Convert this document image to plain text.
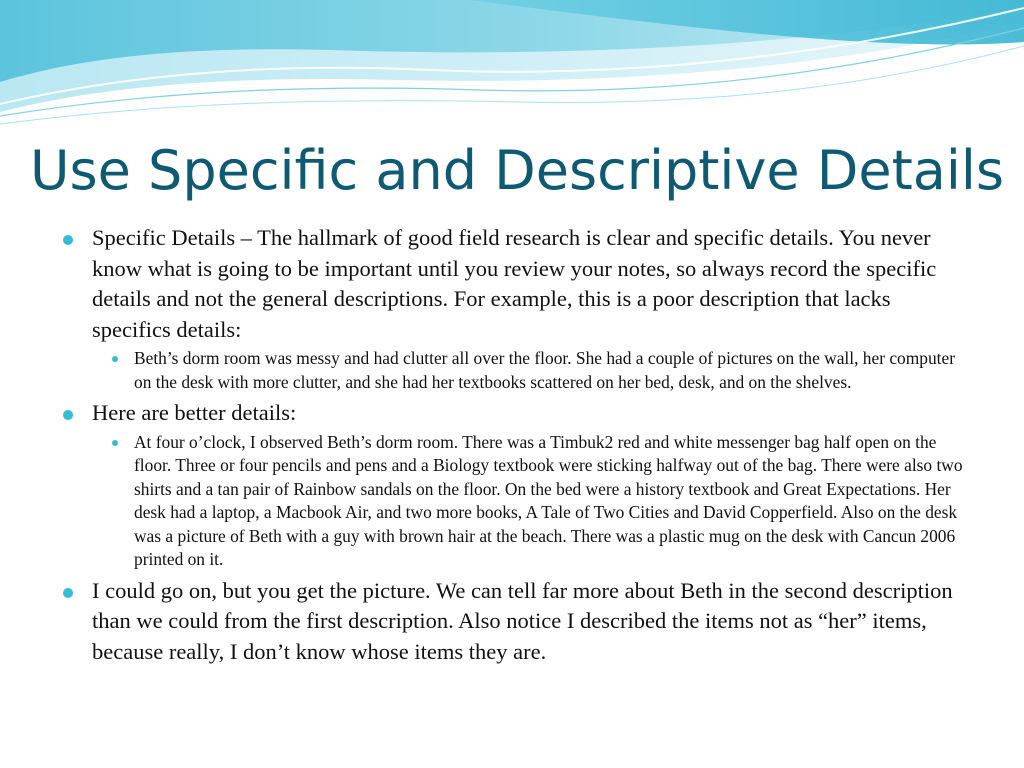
Use Specific and Descriptive Details
Specific Details – The hallmark of good field research is clear and specific details. You never know what is going to be important until you review your notes, so always record the specific details and not the general descriptions. For example, this is a poor description that lacks specifics details:
Beth’s dorm room was messy and had clutter all over the floor. She had a couple of pictures on the wall, her computer on the desk with more clutter, and she had her textbooks scattered on her bed, desk, and on the shelves.
Here are better details:
At four o’clock, I observed Beth’s dorm room. There was a Timbuk2 red and white messenger bag half open on the floor. Three or four pencils and pens and a Biology textbook were sticking halfway out of the bag. There were also two shirts and a tan pair of Rainbow sandals on the floor. On the bed were a history textbook and Great Expectations. Her desk had a laptop, a Macbook Air, and two more books, A Tale of Two Cities and David Copperfield. Also on the desk was a picture of Beth with a guy with brown hair at the beach. There was a plastic mug on the desk with Cancun 2006 printed on it.
I could go on, but you get the picture. We can tell far more about Beth in the second description than we could from the first description. Also notice I described the items not as “her” items, because really, I don’t know whose items they are.
